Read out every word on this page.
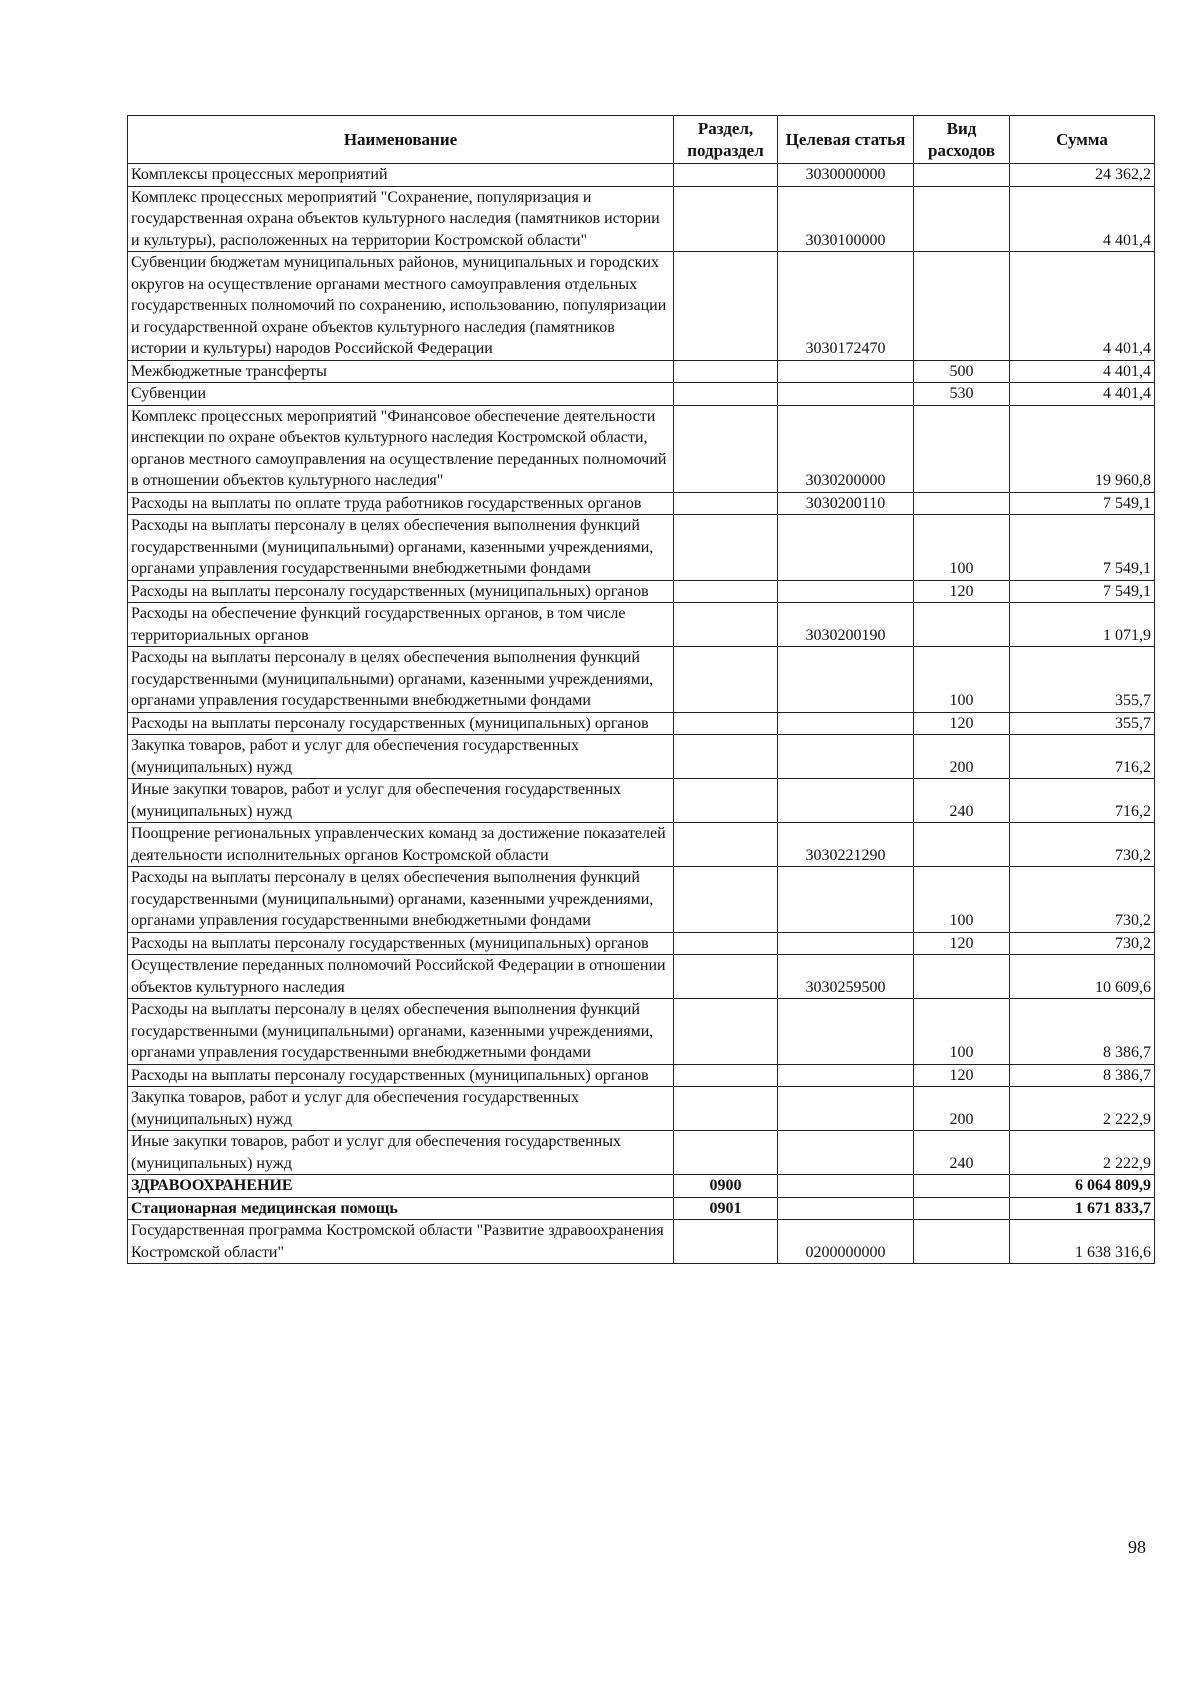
Наименование	Раздел, подраздел	Целевая статья	Вид расходов	Сумма
Комплексы процессных мероприятий		3030000000		24 362,2
Комплекс процессных мероприятий "Сохранение, популяризация и государственная охрана объектов культурного наследия (памятников истории и культуры), расположенных на территории Костромской области"		3030100000		4 401,4
Субвенции бюджетам муниципальных районов, муниципальных и городских округов на осуществление органами местного самоуправления отдельных государственных полномочий по сохранению, использованию, популяризации и государственной охране объектов культурного наследия (памятников истории и культуры) народов Российской Федерации		3030172470		4 401,4
Межбюджетные трансферты			500	4 401,4
Субвенции			530	4 401,4
Комплекс процессных мероприятий "Финансовое обеспечение деятельности инспекции по охране объектов культурного наследия Костромской области, органов местного самоуправления на осуществление переданных полномочий в отношении объектов культурного наследия"		3030200000		19 960,8
Расходы на выплаты по оплате труда работников государственных органов		3030200110		7 549,1
Расходы на выплаты персоналу в целях обеспечения выполнения функций государственными (муниципальными) органами, казенными учреждениями, органами управления государственными внебюджетными фондами			100	7 549,1
Расходы на выплаты персоналу государственных (муниципальных) органов			120	7 549,1
Расходы на обеспечение функций государственных органов, в том числе территориальных органов		3030200190		1 071,9
Расходы на выплаты персоналу в целях обеспечения выполнения функций государственными (муниципальными) органами, казенными учреждениями, органами управления государственными внебюджетными фондами			100	355,7
Расходы на выплаты персоналу государственных (муниципальных) органов			120	355,7
Закупка товаров, работ и услуг для обеспечения государственных (муниципальных) нужд			200	716,2
Иные закупки товаров, работ и услуг для обеспечения государственных (муниципальных) нужд			240	716,2
Поощрение региональных управленческих команд за достижение показателей деятельности исполнительных органов Костромской области		3030221290		730,2
Расходы на выплаты персоналу в целях обеспечения выполнения функций государственными (муниципальными) органами, казенными учреждениями, органами управления государственными внебюджетными фондами			100	730,2
Расходы на выплаты персоналу государственных (муниципальных) органов			120	730,2
Осуществление переданных полномочий Российской Федерации в отношении объектов культурного наследия		3030259500		10 609,6
Расходы на выплаты персоналу в целях обеспечения выполнения функций государственными (муниципальными) органами, казенными учреждениями, органами управления государственными внебюджетными фондами			100	8 386,7
Расходы на выплаты персоналу государственных (муниципальных) органов			120	8 386,7
Закупка товаров, работ и услуг для обеспечения государственных (муниципальных) нужд			200	2 222,9
Иные закупки товаров, работ и услуг для обеспечения государственных (муниципальных) нужд			240	2 222,9
ЗДРАВООХРАНЕНИЕ	0900			6 064 809,9
Стационарная медицинская помощь	0901			1 671 833,7
Государственная программа Костромской области "Развитие здравоохранения Костромской области"		0200000000		1 638 316,6
98
